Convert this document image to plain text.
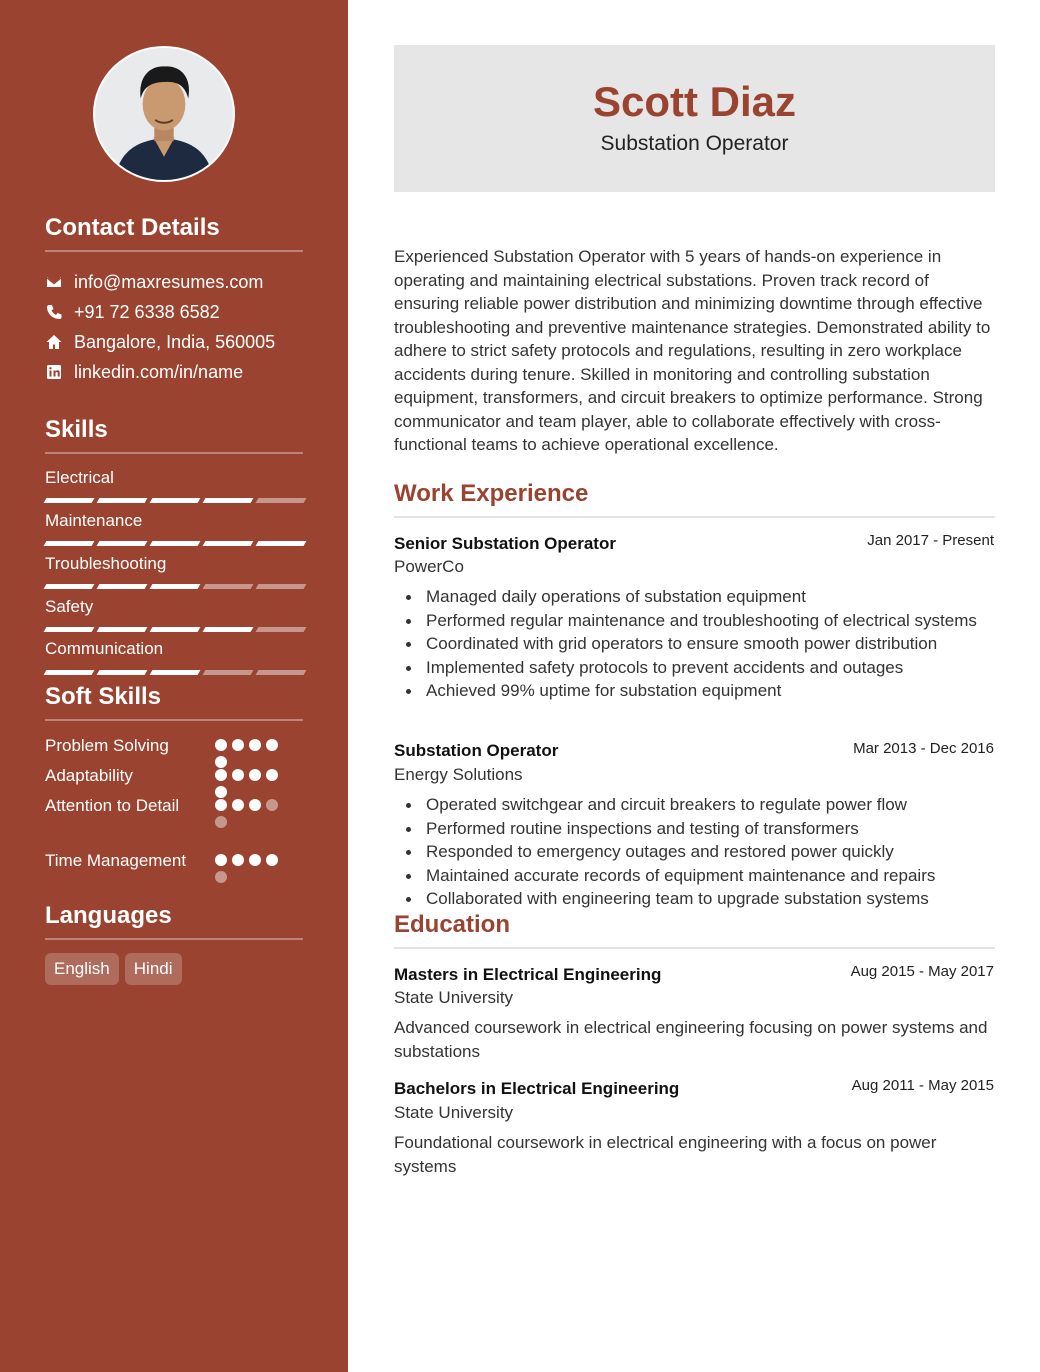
Contact Details
info@maxresumes.com
+91 72 6338 6582
Bangalore, India, 560005
linkedin.com/in/name
Skills
Electrical
Maintenance
Troubleshooting
Safety
Communication
Soft Skills
Problem Solving
Adaptability
Attention to Detail
Time Management
Languages
English	Hindi
Scott Diaz
Substation Operator
Experienced Substation Operator with 5 years of hands-on experience in operating and maintaining electrical substations. Proven track record of ensuring reliable power distribution and minimizing downtime through effective troubleshooting and preventive maintenance strategies. Demonstrated ability to adhere to strict safety protocols and regulations, resulting in zero workplace accidents during tenure. Skilled in monitoring and controlling substation equipment, transformers, and circuit breakers to optimize performance. Strong communicator and team player, able to collaborate effectively with cross-functional teams to achieve operational excellence.
Work Experience
Senior Substation Operator	Jan 2017 - Present
PowerCo
Managed daily operations of substation equipment
Performed regular maintenance and troubleshooting of electrical systems
Coordinated with grid operators to ensure smooth power distribution
Implemented safety protocols to prevent accidents and outages
Achieved 99% uptime for substation equipment
Substation Operator	Mar 2013 - Dec 2016
Energy Solutions
Operated switchgear and circuit breakers to regulate power flow
Performed routine inspections and testing of transformers
Responded to emergency outages and restored power quickly
Maintained accurate records of equipment maintenance and repairs
Collaborated with engineering team to upgrade substation systems
Education
Masters in Electrical Engineering	Aug 2015 - May 2017
State University
Advanced coursework in electrical engineering focusing on power systems and substations
Bachelors in Electrical Engineering	Aug 2011 - May 2015
State University
Foundational coursework in electrical engineering with a focus on power systems
